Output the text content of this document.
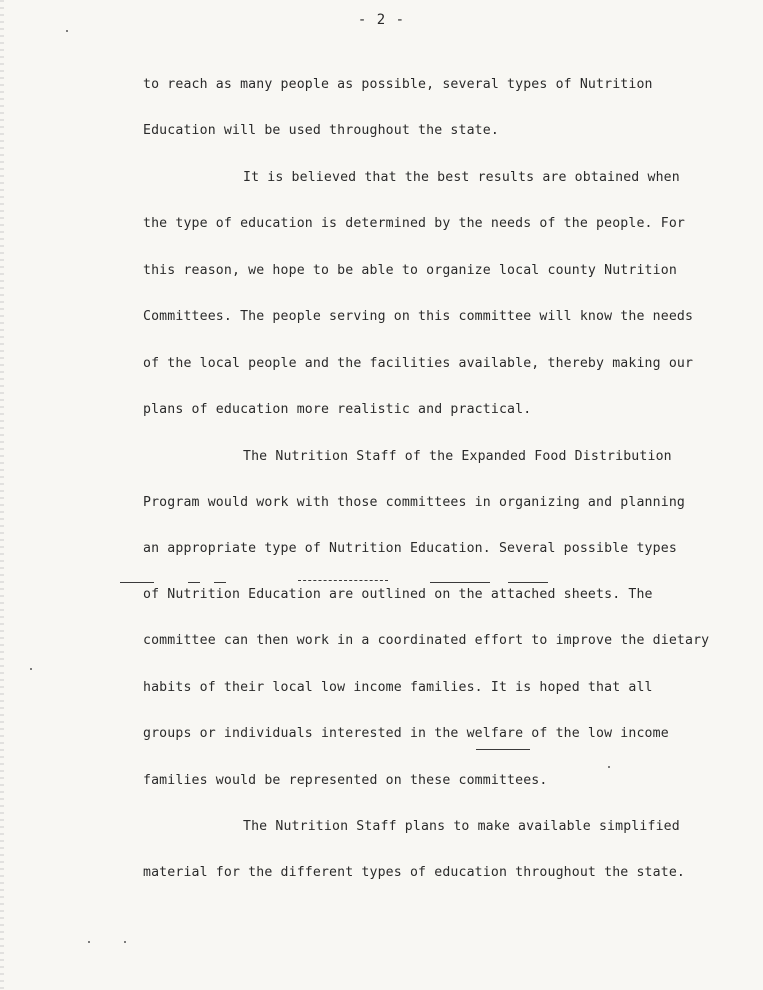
- 2 -
to reach as many people as possible, several types of Nutrition
Education will be used throughout the state.
It is believed that the best results are obtained when
the type of education is determined by the needs of the people. For
this reason, we hope to be able to organize local county Nutrition
Committees. The people serving on this committee will know the needs
of the local people and the facilities available, thereby making our
plans of education more realistic and practical.
The Nutrition Staff of the Expanded Food Distribution
Program would work with those committees in organizing and planning
an appropriate type of Nutrition Education. Several possible types
of Nutrition Education are outlined on the attached sheets. The
committee can then work in a coordinated effort to improve the dietary
habits of their local low income families. It is hoped that all
groups or individuals interested in the welfare of the low income
families would be represented on these committees.
The Nutrition Staff plans to make available simplified
material for the different types of education throughout the state.
